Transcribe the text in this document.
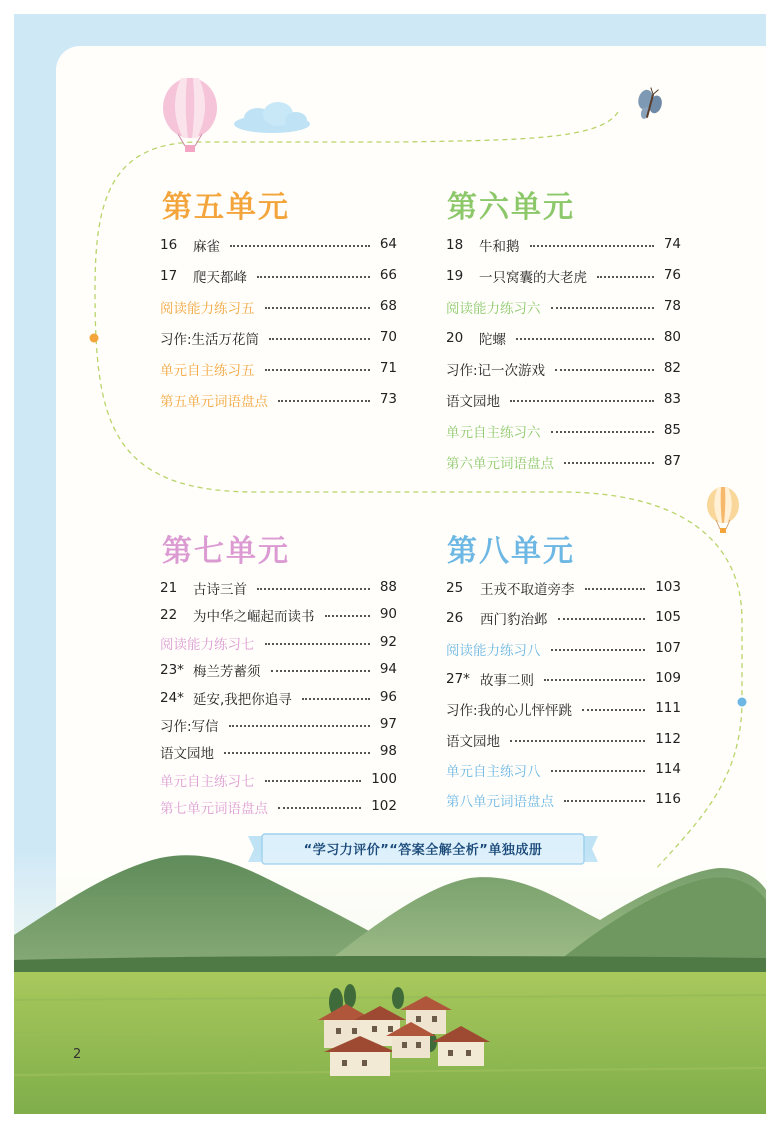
第五单元	第六单元
第七单元	第八单元
16	麻雀	64
17	爬天都峰	66
阅读能力练习五	68
习作:生活万花筒	70
单元自主练习五	71
第五单元词语盘点	73
18	牛和鹅	74
19	一只窝囊的大老虎	76
阅读能力练习六	78
20	陀螺	80
习作:记一次游戏	82
语文园地	83
单元自主练习六	85
第六单元词语盘点	87
21	古诗三首	88
22	为中华之崛起而读书	90
阅读能力练习七	92
23* 梅兰芳蓄须	94
24* 延安,我把你追寻	96
习作:写信	97
语文园地	98
单元自主练习七	100
第七单元词语盘点	102
25	王戎不取道旁李	103
26	西门豹治邺	105
阅读能力练习八	107
27* 故事二则	109
习作:我的心儿怦怦跳	111
语文园地	112
单元自主练习八	114
第八单元词语盘点	116
“学习力评价”“答案全解全析”单独成册
2
